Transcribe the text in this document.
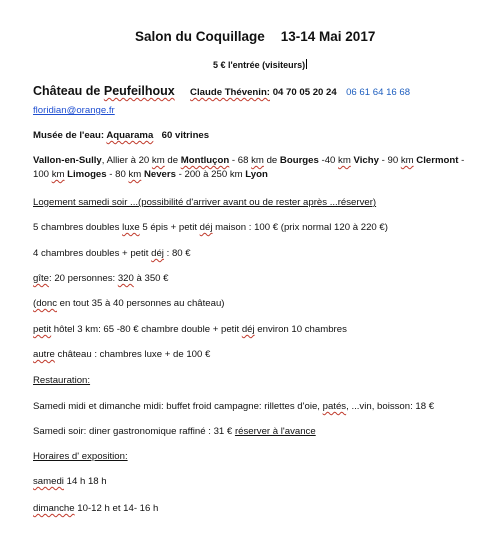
Salon du Coquillage 13-14 Mai 2017
5 € l'entrée (visiteurs)
Château de Peufeilhoux Claude Thévenin: 04 70 05 20 24 06 61 64 16 68
floridian@orange.fr
Musée de l'eau: Aquarama 60 vitrines
Vallon-en-Sully, Allier à 20 km de Montluçon - 68 km de Bourges -40 km Vichy - 90 km Clermont -
100 km Limoges - 80 km Nevers - 200 à 250 km Lyon
Logement samedi soir ...(possibilité d'arriver avant ou de rester après ...réserver)
5 chambres doubles luxe 5 épis + petit déj maison : 100 € (prix normal 120 à 220 €)
4 chambres doubles + petit déj : 80 €
gîte: 20 personnes: 320 à 350 €
(donc en tout 35 à 40 personnes au château)
petit hôtel 3 km: 65 -80 € chambre double + petit déj environ 10 chambres
autre château : chambres luxe + de 100 €
Restauration:
Samedi midi et dimanche midi: buffet froid campagne: rillettes d'oie, patés, ...vin, boisson: 18 €
Samedi soir: diner gastronomique raffiné : 31 € réserver à l'avance
Horaires d' exposition:
samedi 14 h 18 h
dimanche 10-12 h et 14- 16 h
